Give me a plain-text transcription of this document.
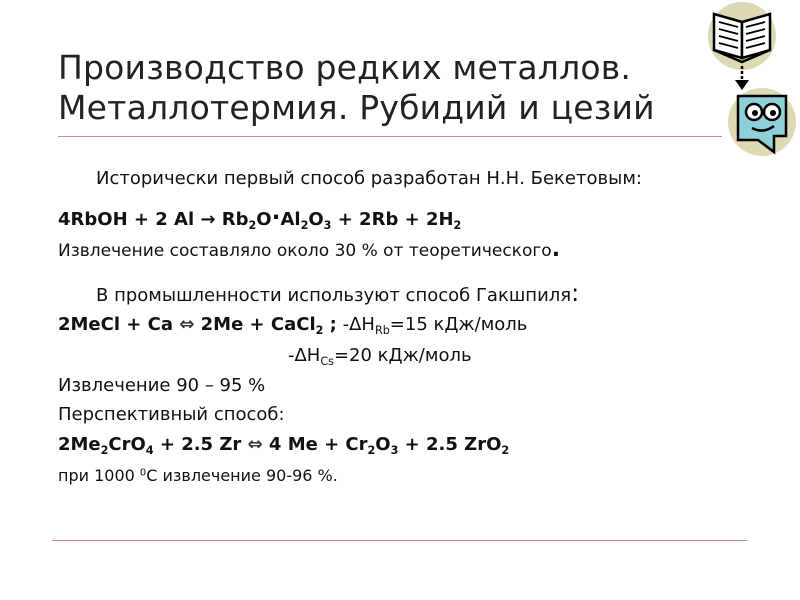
Производство редких металлов.
Металлотермия. Рубидий и цезий
Исторически первый способ разработан Н.Н. Бекетовым:
4RbOH + 2 $Al \to Rb_2O\cdot Al_2O_3 + 2Rb + 2H_2$
Извлечение составляло около 30 % от теоретического.
В промышленности используют способ Гакшпиля:
2MeCl + Ca ⇔ 2Me + CaCl$_2$ ; $-\Delta H_{Rb}=15$ кДж/моль
$-\Delta H_{Cs}=20$ кДж/моль
Извлечение 90 – 95 %
Перспективный способ:
$2Me_2CrO_4 + 2.5$ Zr ⇔ 4 $Me + Cr_2O_3 + 2.5$ ZrO$_2$
при 1000 $^0$С извлечение 90-96 %.
